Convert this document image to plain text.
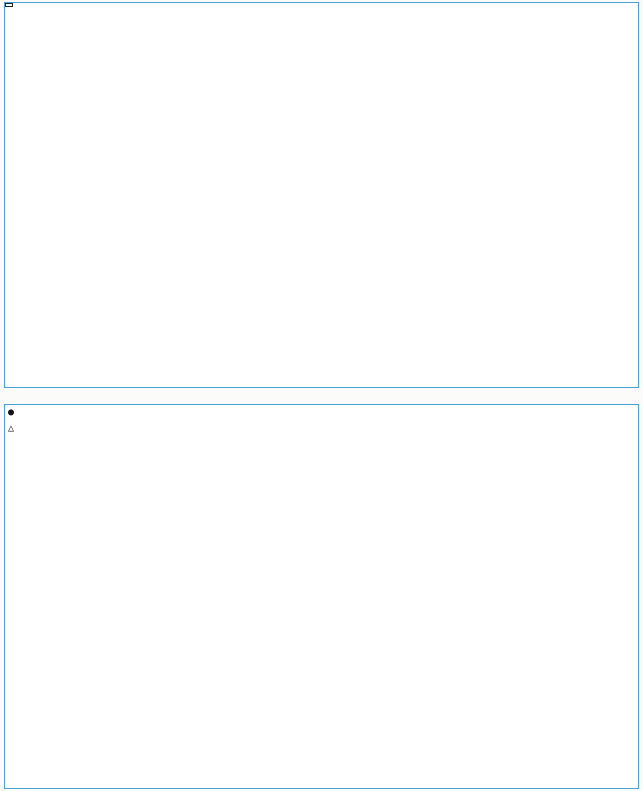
●
△
